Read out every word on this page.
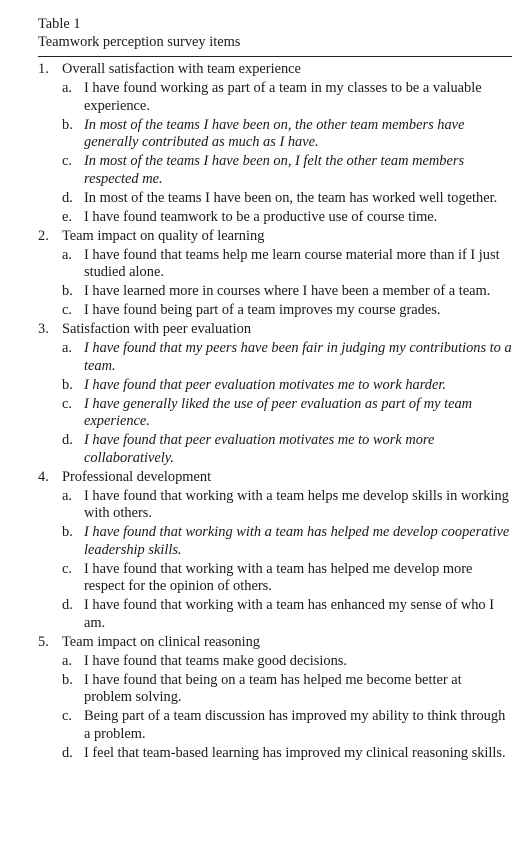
Table 1

Teamwork perception survey items

1. Overall satisfaction with team experience
a. I have found working as part of a team in my classes to be a valuable experience.
b. In most of the teams I have been on, the other team members have generally contributed as much as I have.
c. In most of the teams I have been on, I felt the other team members respected me.
d. In most of the teams I have been on, the team has worked well together.
e. I have found teamwork to be a productive use of course time.
2. Team impact on quality of learning
a. I have found that teams help me learn course material more than if I just studied alone.
b. I have learned more in courses where I have been a member of a team.
c. I have found being part of a team improves my course grades.
3. Satisfaction with peer evaluation
a. I have found that my peers have been fair in judging my contributions to a team.
b. I have found that peer evaluation motivates me to work harder.
c. I have generally liked the use of peer evaluation as part of my team experience.
d. I have found that peer evaluation motivates me to work more collaboratively.
4. Professional development
a. I have found that working with a team helps me develop skills in working with others.
b. I have found that working with a team has helped me develop cooperative leadership skills.
c. I have found that working with a team has helped me develop more respect for the opinion of others.
d. I have found that working with a team has enhanced my sense of who I am.
5. Team impact on clinical reasoning
a. I have found that teams make good decisions.
b. I have found that being on a team has helped me become better at problem solving.
c. Being part of a team discussion has improved my ability to think through a problem.
d. I feel that team-based learning has improved my clinical reasoning skills.
